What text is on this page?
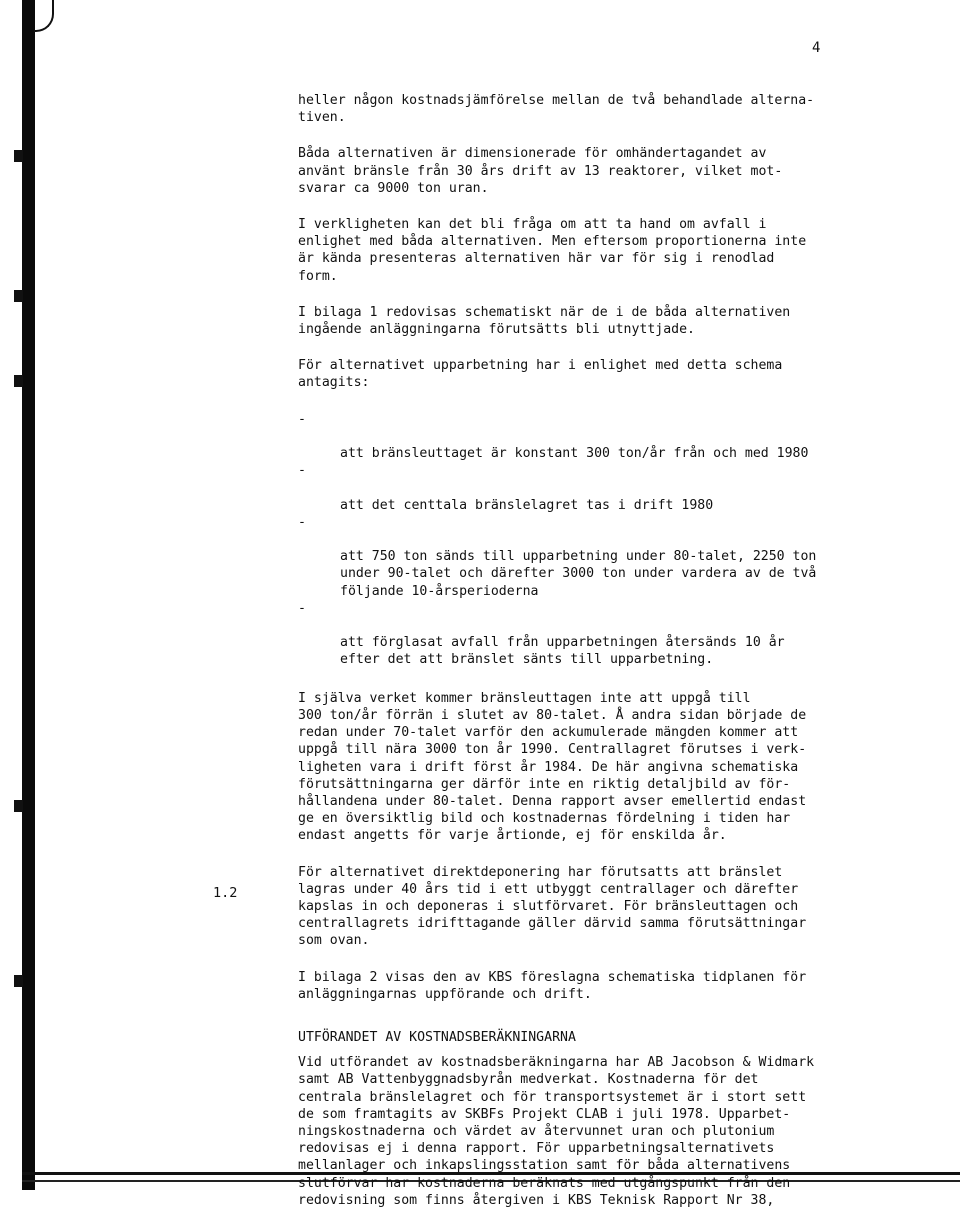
4

heller någon kostnadsjämförelse mellan de två behandlade alterna-
tiven.

Båda alternativen är dimensionerade för omhändertagandet av
använt bränsle från 30 års drift av 13 reaktorer, vilket mot-
svarar ca 9000 ton uran.

I verkligheten kan det bli fråga om att ta hand om avfall i
enlighet med båda alternativen. Men eftersom proportionerna inte
är kända presenteras alternativen här var för sig i renodlad
form.

I bilaga 1 redovisas schematiskt när de i de båda alternativen
ingående anläggningarna förutsätts bli utnyttjade.

För alternativet upparbetning har i enlighet med detta schema
antagits:

-

att bränsleuttaget är konstant 300 ton/år från och med 1980

-

att det centtala bränslelagret tas i drift 1980

-

att 750 ton sänds till upparbetning under 80-talet, 2250 ton
under 90-talet och därefter 3000 ton under vardera av de två
följande 10-årsperioderna

-

att förglasat avfall från upparbetningen återsänds 10 år
efter det att bränslet sänts till upparbetning.

I själva verket kommer bränsleuttagen inte att uppgå till
300 ton/år förrän i slutet av 80-talet. Å andra sidan började de
redan under 70-talet varför den ackumulerade mängden kommer att
uppgå till nära 3000 ton år 1990. Centrallagret förutses i verk-
ligheten vara i drift först år 1984. De här angivna schematiska
förutsättningarna ger därför inte en riktig detaljbild av för-
hållandena under 80-talet. Denna rapport avser emellertid endast
ge en översiktlig bild och kostnadernas fördelning i tiden har
endast angetts för varje årtionde, ej för enskilda år.

För alternativet direktdeponering har förutsatts att bränslet
lagras under 40 års tid i ett utbyggt centrallager och därefter
kapslas in och deponeras i slutförvaret. För bränsleuttagen och
centrallagrets idrifttagande gäller därvid samma förutsättningar
som ovan.

I bilaga 2 visas den av KBS föreslagna schematiska tidplanen för
anläggningarnas uppförande och drift.

UTFÖRANDET AV KOSTNADSBERÄKNINGARNA

Vid utförandet av kostnadsberäkningarna har AB Jacobson & Widmark
samt AB Vattenbyggnadsbyrån medverkat. Kostnaderna för det
centrala bränslelagret och för transportsystemet är i stort sett
de som framtagits av SKBFs Projekt CLAB i juli 1978. Upparbet-
ningskostnaderna och värdet av återvunnet uran och plutonium
redovisas ej i denna rapport. För upparbetningsalternativets
mellanlager och inkapslingsstation samt för båda alternativens
slutförvar har kostnaderna beräknats med utgångspunkt från den
redovisning som finns återgiven i KBS Teknisk Rapport Nr 38,

1.2
